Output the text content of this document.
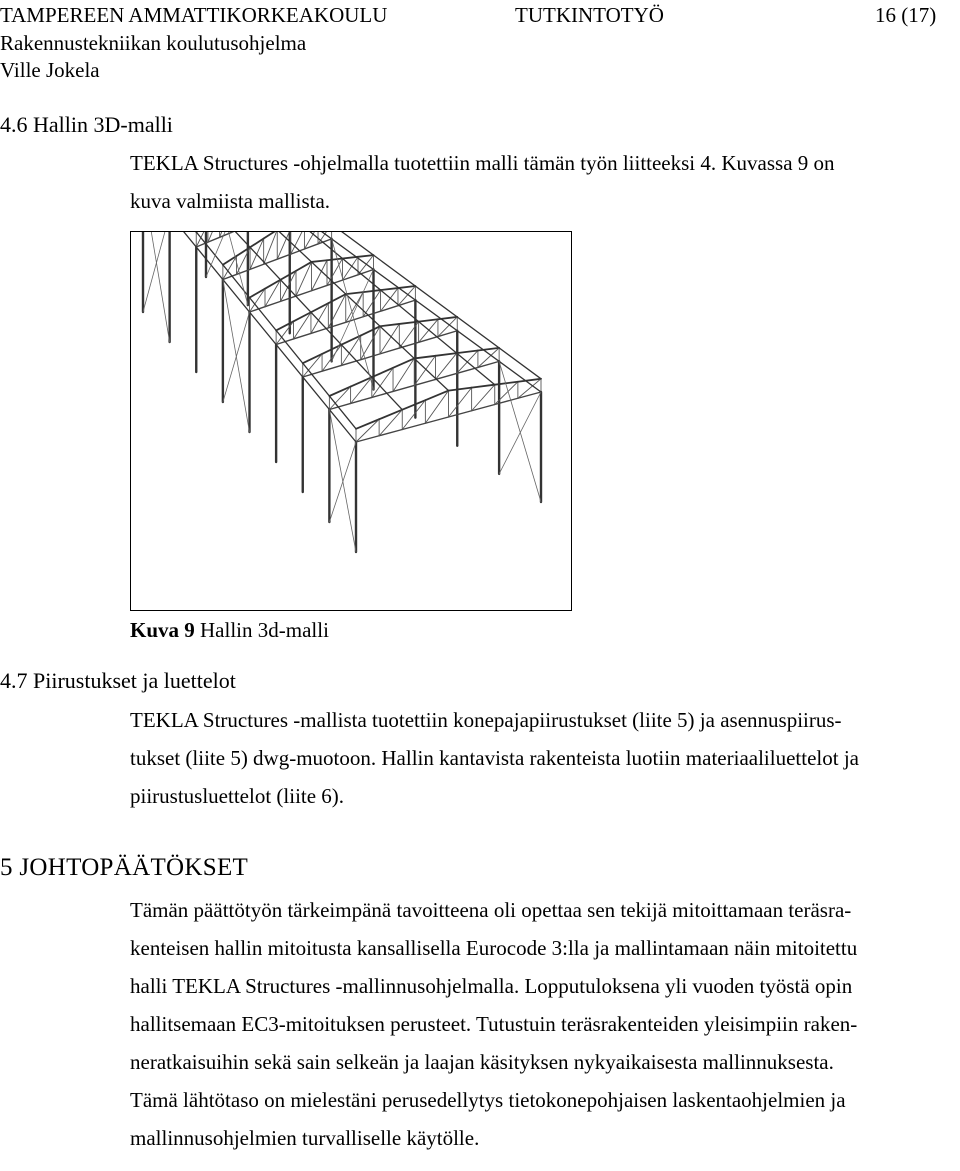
TAMPEREEN AMMATTIKORKEAKOULU	TUTKINTOTYÖ	16 (17)
Rakennustekniikan koulutusohjelma
Ville Jokela
4.6 Hallin 3D-malli
TEKLA Structures -ohjelmalla tuotettiin malli tämän työn liitteeksi 4. Kuvassa 9 on
kuva valmiista mallista.
Kuva 9 Hallin 3d-malli
4.7 Piirustukset ja luettelot
TEKLA Structures -mallista tuotettiin konepajapiirustukset (liite 5) ja asennuspiirus-
tukset (liite 5) dwg-muotoon. Hallin kantavista rakenteista luotiin materiaaliluettelot ja
piirustusluettelot (liite 6).
5 JOHTOPÄÄTÖKSET
Tämän päättötyön tärkeimpänä tavoitteena oli opettaa sen tekijä mitoittamaan teräsra-
kenteisen hallin mitoitusta kansallisella Eurocode 3:lla ja mallintamaan näin mitoitettu
halli TEKLA Structures -mallinnusohjelmalla. Lopputuloksena yli vuoden työstä opin
hallitsemaan EC3-mitoituksen perusteet. Tutustuin teräsrakenteiden yleisimpiin raken-
neratkaisuihin sekä sain selkeän ja laajan käsityksen nykyaikaisesta mallinnuksesta.
Tämä lähtötaso on mielestäni perusedellytys tietokonepohjaisen laskentaohjelmien ja
mallinnusohjelmien turvalliselle käytölle.
